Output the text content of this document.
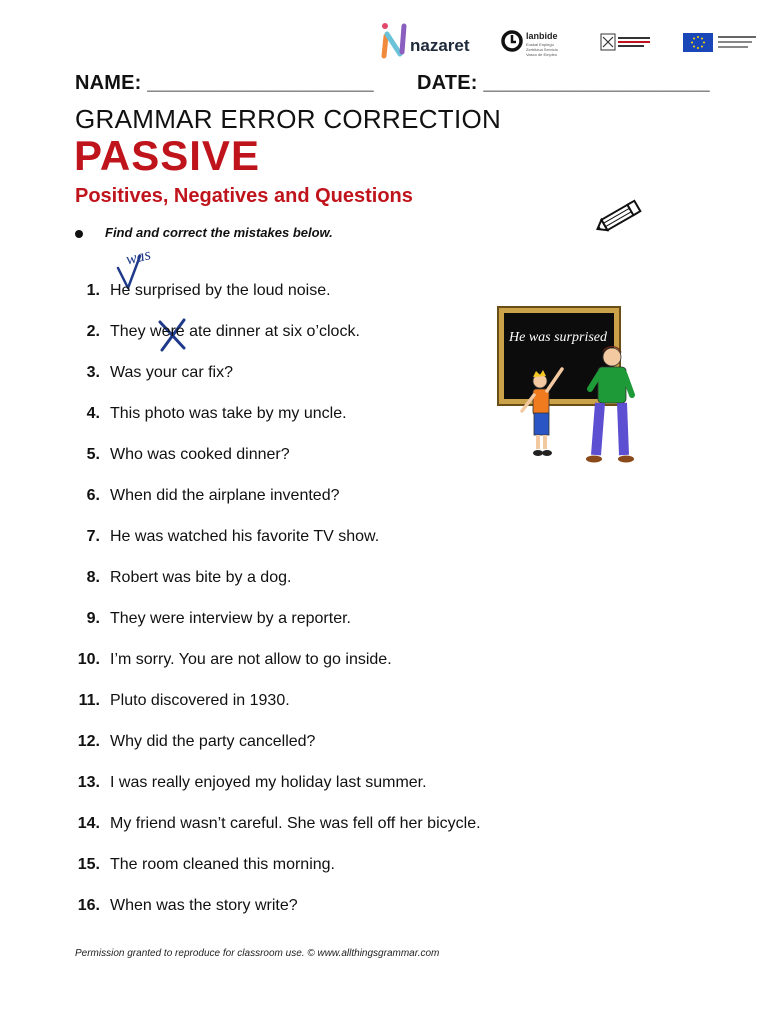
nazaret	lanbide
Euskal Enplegu Zerbitzua Servicio Vasco de Empleo
NAME: ____________________ DATE: ____________________
GRAMMAR ERROR CORRECTION
PASSIVE
Positives, Negatives and Questions
Find and correct the mistakes below.
was
1. He surprised by the loud noise.
2. They were ate dinner at six o’clock.
3. Was your car fix?
4. This photo was take by my uncle.
5. Who was cooked dinner?
6. When did the airplane invented?
7. He was watched his favorite TV show.
8. Robert was bite by a dog.
9. They were interview by a reporter.
10. I’m sorry. You are not allow to go inside.
11. Pluto discovered in 1930.
12. Why did the party cancelled?
13. I was really enjoyed my holiday last summer.
14. My friend wasn’t careful. She was fell off her bicycle.
15. The room cleaned this morning.
16. When was the story write?
He was surprised
Permission granted to reproduce for classroom use. © www.allthingsgrammar.com
